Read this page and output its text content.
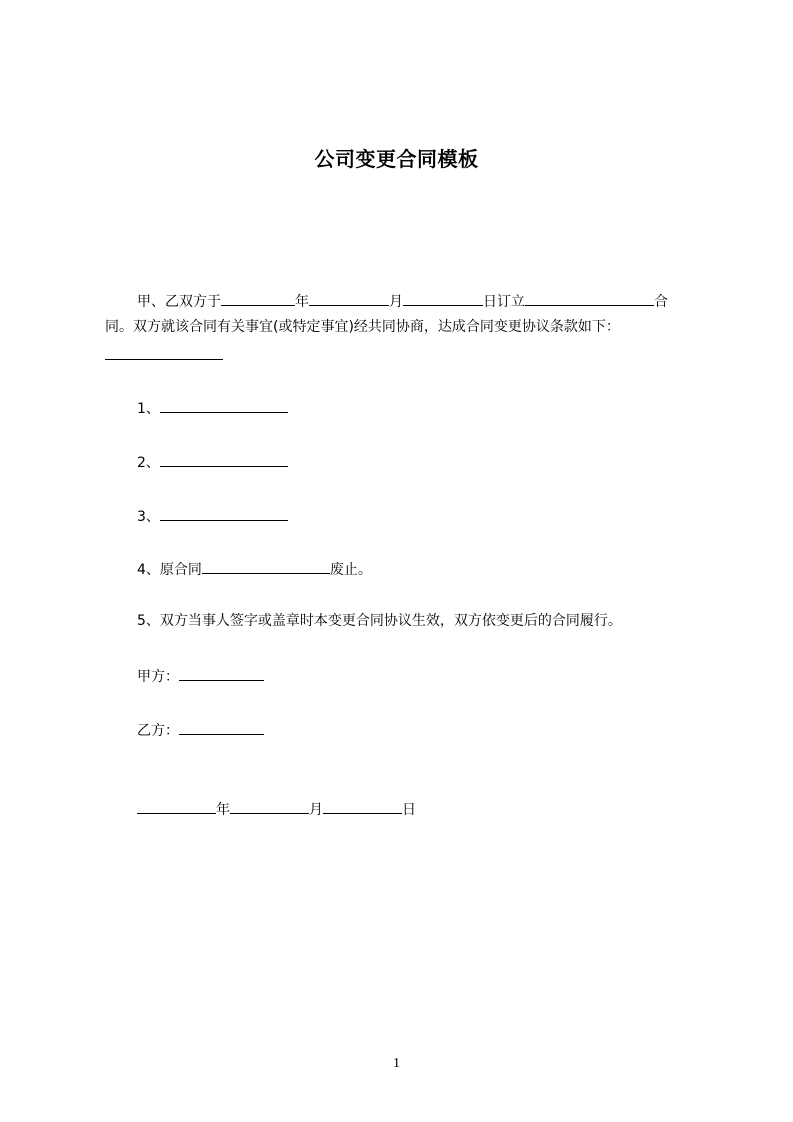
公司变更合同模板
甲、乙双方于	年	月	日订立	合
同。双方就该合同有关事宜(或特定事宜)经共同协商，达成合同变更协议条款如下：
1、
2、
3、
4、原合同	废止。
5、双方当事人签字或盖章时本变更合同协议生效，双方依变更后的合同履行。
甲方：
乙方：
年	月	日
1
